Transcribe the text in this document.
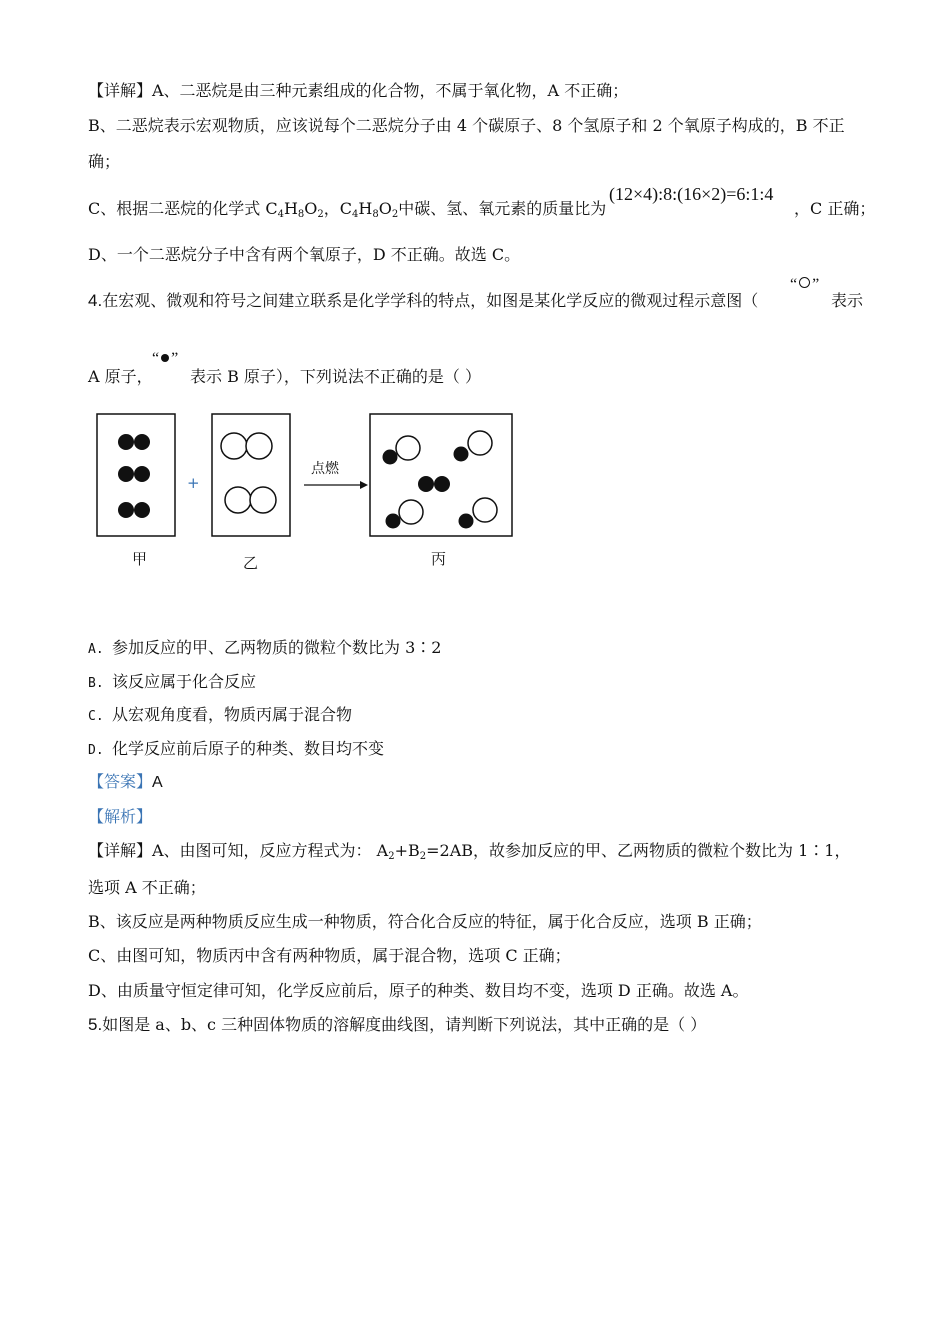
【详解】A、二恶烷是由三种元素组成的化合物，不属于氧化物，A 不正确；
B、二恶烷表示宏观物质，应该说每个二恶烷分子由 4 个碳原子、8 个氢原子和 2 个氧原子构成的，B 不正
确；
C、根据二恶烷的化学式 $C_4H_8O_2$，$C_4H_8O_2$中碳、氢、氧元素的质量比为
(12×4):8:(16×2)=6:1:4
，C 正确；
D、一个二恶烷分子中含有两个氧原子，D 不正确。故选 C。
4.在宏观、微观和符号之间建立联系是化学学科的特点，如图是某化学反应的微观过程示意图（
“ ”
表示
A 原子，
“ ”
表示 B 原子），下列说法不正确的是（ ）
+
点燃
甲	乙	丙
A. 参加反应的甲、乙两物质的微粒个数比为 3∶2
B. 该反应属于化合反应
C. 从宏观角度看，物质丙属于混合物
D. 化学反应前后原子的种类、数目均不变
【答案】A
【解析】
【详解】A、由图可知，反应方程式为： $A_2+B_2=2AB$，故参加反应的甲、乙两物质的微粒个数比为 1∶1，
选项 A 不正确；
B、该反应是两种物质反应生成一种物质，符合化合反应的特征，属于化合反应，选项 B 正确；
C、由图可知，物质丙中含有两种物质，属于混合物，选项 C 正确；
D、由质量守恒定律可知，化学反应前后，原子的种类、数目均不变，选项 D 正确。故选 A。
5.如图是 a、b、c 三种固体物质的溶解度曲线图，请判断下列说法，其中正确的是（ ）
